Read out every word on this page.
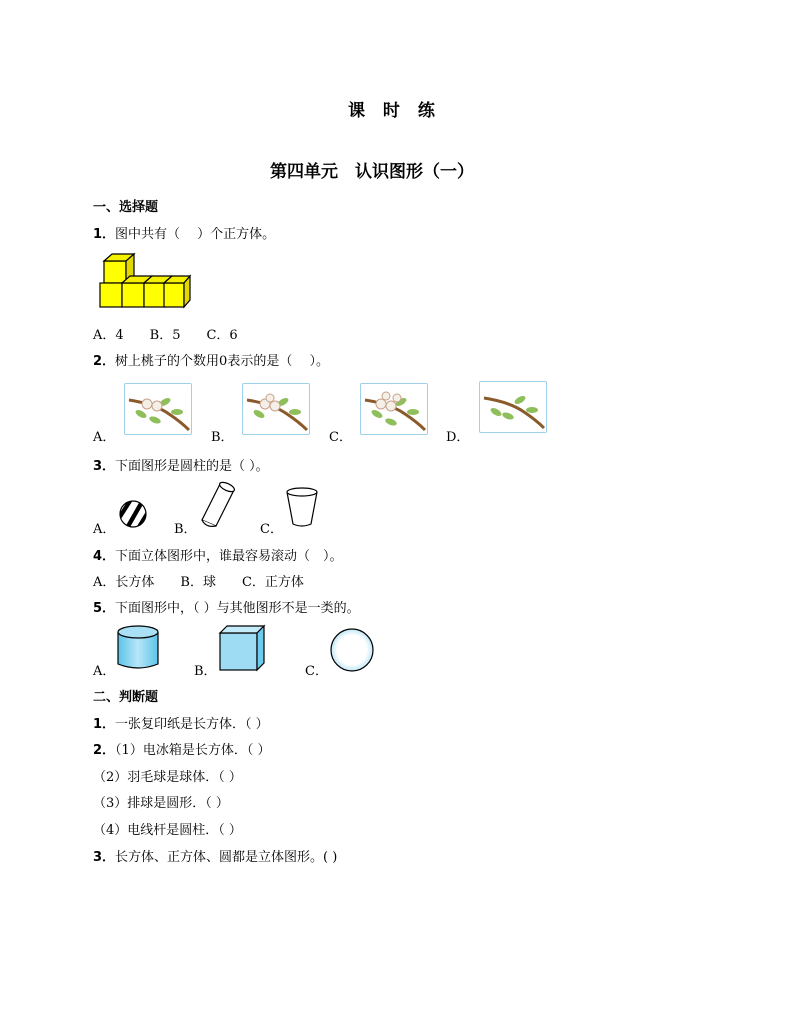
课 时 练
第四单元　认识图形（一）
一、选择题
1．图中共有（　 ）个正方体。
A．4　　B．5　　C．6
2．树上桃子的个数用0表示的是（　 ）。
A．	B．	C．	D．
3．下面图形是圆柱的是（ ）。
A．	B．	C．
4．下面立体图形中，谁最容易滚动（　）。
A．长方体　　B．球　　C．正方体
5．下面图形中，（ ）与其他图形不是一类的。
A．	B．	C．
二、判断题
1．一张复印纸是长方体．（ ）
2．（1）电冰箱是长方体．（ ）
（2）羽毛球是球体．（ ）
（3）排球是圆形．（ ）
（4）电线杆是圆柱．（ ）
3．长方体、正方体、圆都是立体图形。( )
